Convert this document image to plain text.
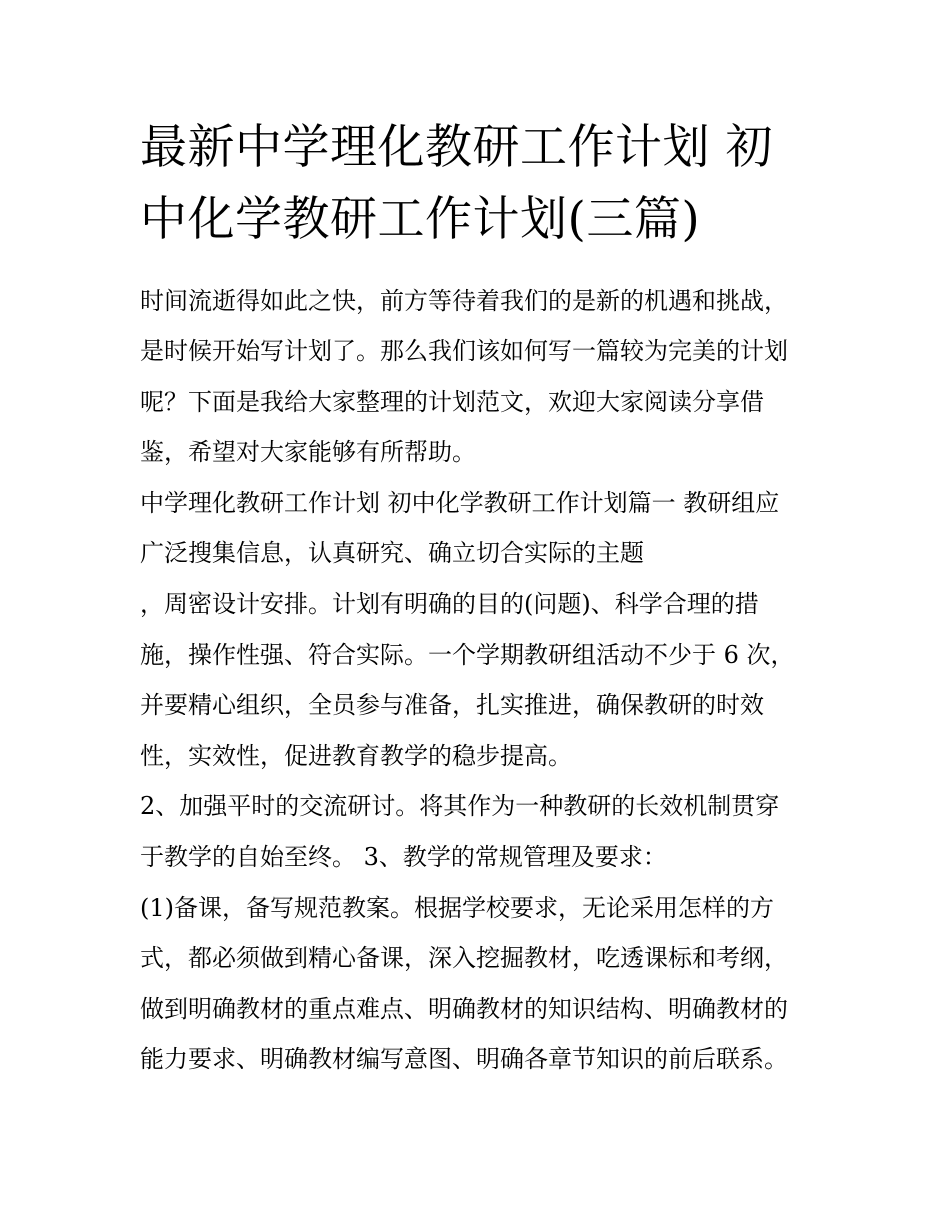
最新中学理化教研工作计划 初
中化学教研工作计划(三篇)
时间流逝得如此之快，前方等待着我们的是新的机遇和挑战，
是时候开始写计划了。那么我们该如何写一篇较为完美的计划
呢？下面是我给大家整理的计划范文，欢迎大家阅读分享借
鉴，希望对大家能够有所帮助。
中学理化教研工作计划 初中化学教研工作计划篇一 教研组应
广泛搜集信息，认真研究、确立切合实际的主题
，周密设计安排。计划有明确的目的(问题)、科学合理的措
施，操作性强、符合实际。一个学期教研组活动不少于 6 次，
并要精心组织，全员参与准备，扎实推进，确保教研的时效
性，实效性，促进教育教学的稳步提高。
2、加强平时的交流研讨。将其作为一种教研的长效机制贯穿
于教学的自始至终。 3、教学的常规管理及要求：
(1)备课，备写规范教案。根据学校要求，无论采用怎样的方
式，都必须做到精心备课，深入挖掘教材，吃透课标和考纲，
做到明确教材的重点难点、明确教材的知识结构、明确教材的
能力要求、明确教材编写意图、明确各章节知识的前后联系。
